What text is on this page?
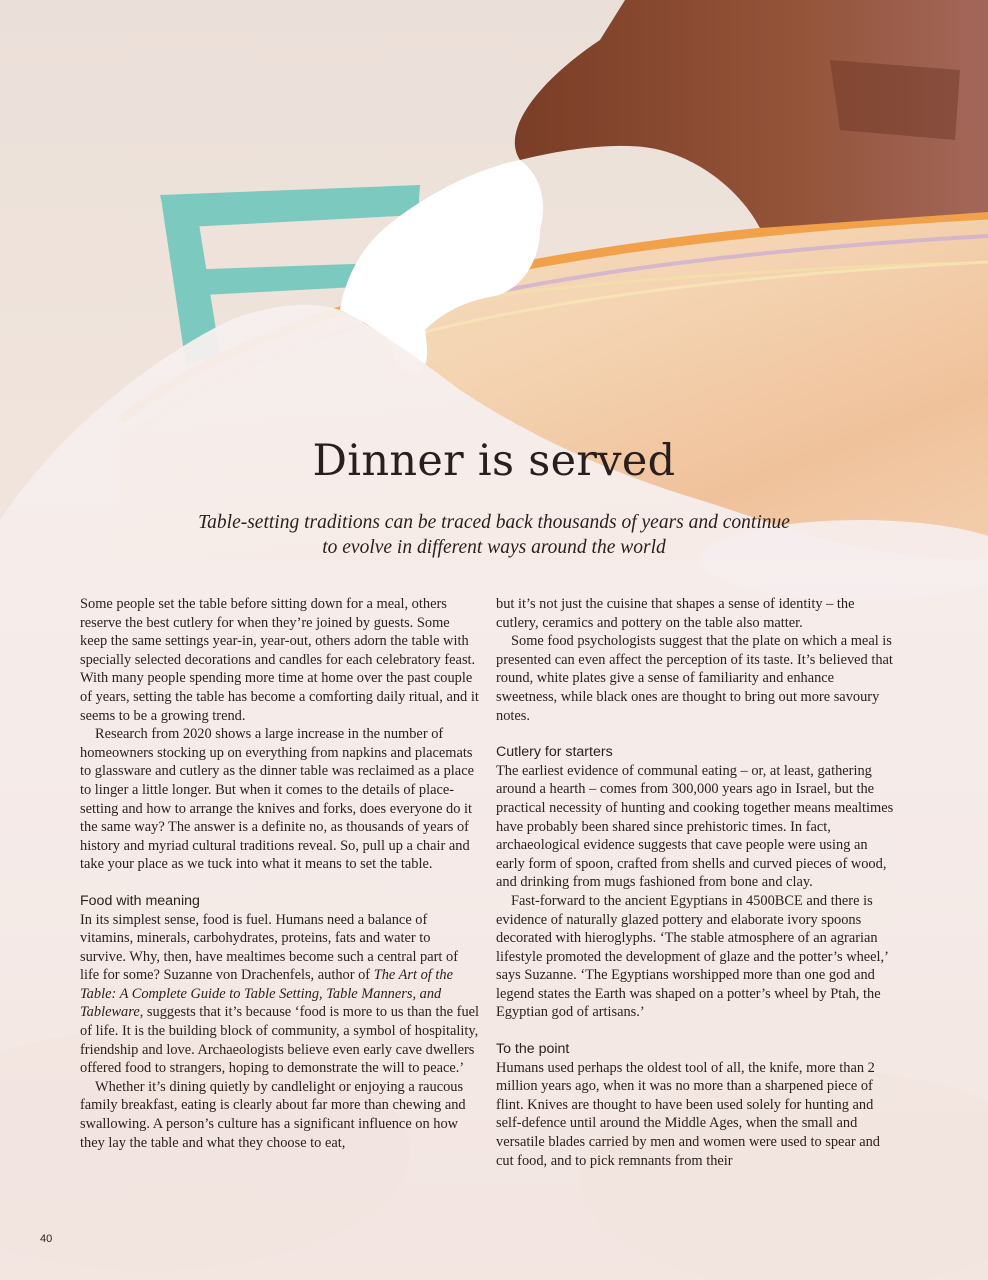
Dinner is served

Table-setting traditions can be traced back thousands of years and continue to evolve in different ways around the world

Some people set the table before sitting down for a meal, others reserve the best cutlery for when they’re joined by guests. Some keep the same settings year-in, year-out, others adorn the table with specially selected decorations and candles for each celebratory feast. With many people spending more time at home over the past couple of years, setting the table has become a comforting daily ritual, and it seems to be a growing trend.

Research from 2020 shows a large increase in the number of homeowners stocking up on everything from napkins and placemats to glassware and cutlery as the dinner table was reclaimed as a place to linger a little longer. But when it comes to the details of place-setting and how to arrange the knives and forks, does everyone do it the same way? The answer is a definite no, as thousands of years of history and myriad cultural traditions reveal. So, pull up a chair and take your place as we tuck into what it means to set the table.

Food with meaning

In its simplest sense, food is fuel. Humans need a balance of vitamins, minerals, carbohydrates, proteins, fats and water to survive. Why, then, have mealtimes become such a central part of life for some? Suzanne von Drachenfels, author of The Art of the Table: A Complete Guide to Table Setting, Table Manners, and Tableware, suggests that it’s because ‘food is more to us than the fuel of life. It is the building block of community, a symbol of hospitality, friendship and love. Archaeologists believe even early cave dwellers offered food to strangers, hoping to demonstrate the will to peace.’

Whether it’s dining quietly by candlelight or enjoying a raucous family breakfast, eating is clearly about far more than chewing and swallowing. A person’s culture has a significant influence on how they lay the table and what they choose to eat,

but it’s not just the cuisine that shapes a sense of identity – the cutlery, ceramics and pottery on the table also matter.

Some food psychologists suggest that the plate on which a meal is presented can even affect the perception of its taste. It’s believed that round, white plates give a sense of familiarity and enhance sweetness, while black ones are thought to bring out more savoury notes.

Cutlery for starters

The earliest evidence of communal eating – or, at least, gathering around a hearth – comes from 300,000 years ago in Israel, but the practical necessity of hunting and cooking together means mealtimes have probably been shared since prehistoric times. In fact, archaeological evidence suggests that cave people were using an early form of spoon, crafted from shells and curved pieces of wood, and drinking from mugs fashioned from bone and clay.

Fast-forward to the ancient Egyptians in 4500BCE and there is evidence of naturally glazed pottery and elaborate ivory spoons decorated with hieroglyphs. ‘The stable atmosphere of an agrarian lifestyle promoted the development of glaze and the potter’s wheel,’ says Suzanne. ‘The Egyptians worshipped more than one god and legend states the Earth was shaped on a potter’s wheel by Ptah, the Egyptian god of artisans.’

To the point

Humans used perhaps the oldest tool of all, the knife, more than 2 million years ago, when it was no more than a sharpened piece of flint. Knives are thought to have been used solely for hunting and self-defence until around the Middle Ages, when the small and versatile blades carried by men and women were used to spear and cut food, and to pick remnants from their

40
